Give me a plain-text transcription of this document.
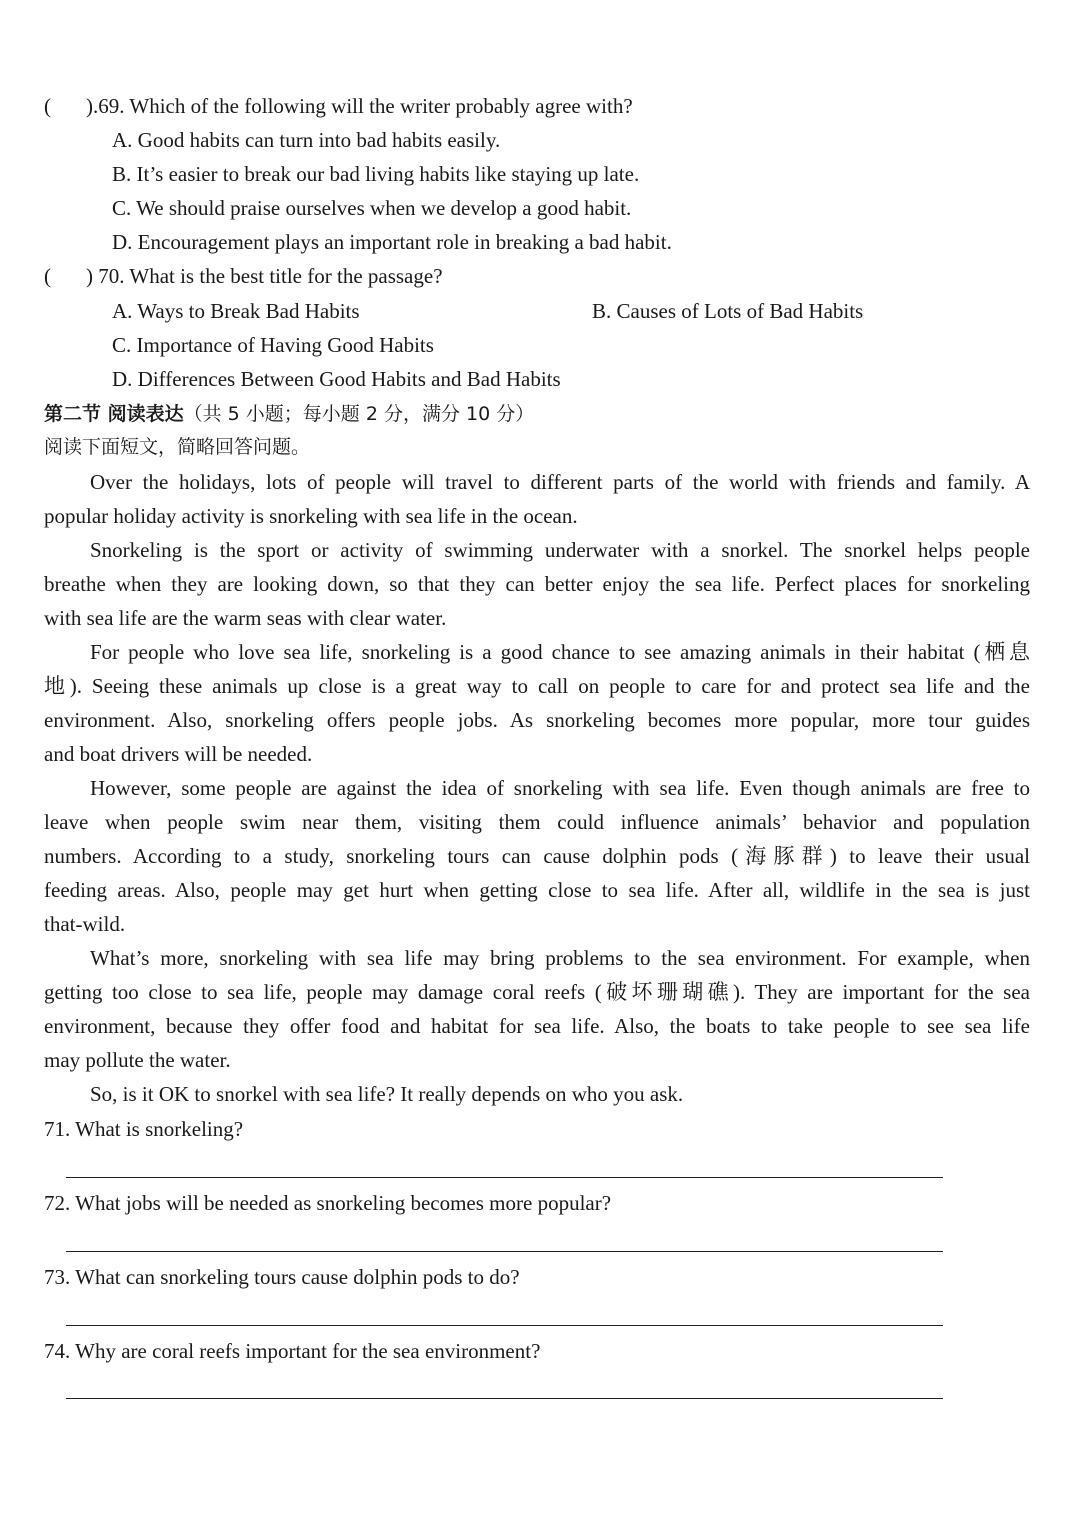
( ).69. Which of the following will the writer probably agree with?
A. Good habits can turn into bad habits easily.
B. It’s easier to break our bad living habits like staying up late.
C. We should praise ourselves when we develop a good habit.
D. Encouragement plays an important role in breaking a bad habit.
( ) 70. What is the best title for the passage?
A. Ways to Break Bad Habits	B. Causes of Lots of Bad Habits
C. Importance of Having Good Habits
D. Differences Between Good Habits and Bad Habits
第二节 阅读表达（共 5 小题；每小题 2 分，满分 10 分）
阅读下面短文，简略回答问题。
Over the holidays, lots of people will travel to different parts of the world with friends and family. A
popular holiday activity is snorkeling with sea life in the ocean.
Snorkeling is the sport or activity of swimming underwater with a snorkel. The snorkel helps people
breathe when they are looking down, so that they can better enjoy the sea life. Perfect places for snorkeling
with sea life are the warm seas with clear water.
For people who love sea life, snorkeling is a good chance to see amazing animals in their habitat (栖息
地). Seeing these animals up close is a great way to call on people to care for and protect sea life and the
environment. Also, snorkeling offers people jobs. As snorkeling becomes more popular, more tour guides
and boat drivers will be needed.
However, some people are against the idea of snorkeling with sea life. Even though animals are free to
leave when people swim near them, visiting them could influence animals’ behavior and population
numbers. According to a study, snorkeling tours can cause dolphin pods (海豚群) to leave their usual
feeding areas. Also, people may get hurt when getting close to sea life. After all, wildlife in the sea is just
that-wild.
What’s more, snorkeling with sea life may bring problems to the sea environment. For example, when
getting too close to sea life, people may damage coral reefs (破坏珊瑚礁). They are important for the sea
environment, because they offer food and habitat for sea life. Also, the boats to take people to see sea life
may pollute the water.
So, is it OK to snorkel with sea life? It really depends on who you ask.
71. What is snorkeling?
72. What jobs will be needed as snorkeling becomes more popular?
73. What can snorkeling tours cause dolphin pods to do?
74. Why are coral reefs important for the sea environment?
